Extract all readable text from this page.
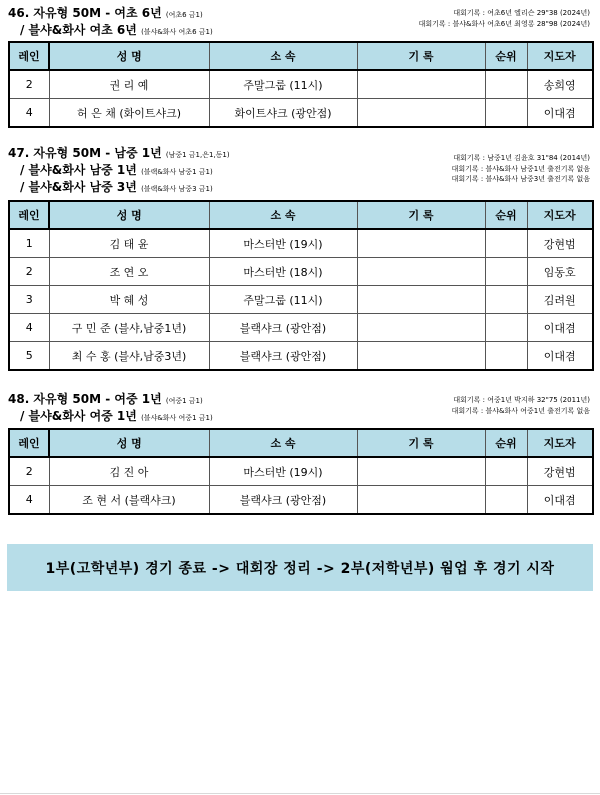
46. 자유형 50M - 여초 6년 (여초6 금1)
/ 블샤&화사 여초 6년 (블샤&화사 여초6 금1)
대회기록 : 여초6년 엘리슨 29"38 (2024년)
대회기록 : 블샤&화사 여초6년 최영롱 28"98 (2024년)
레인	성 명	소 속	기 록	순위	지도자
2	권 리 예	주말그룹 (11시)			송희영
4	허 은 채 (화이트샤크)	화이트샤크 (광안점)			이대겸
47. 자유형 50M - 남중 1년 (남중1 금1,은1,동1)
/ 블샤&화사 남중 1년 (블랙&화사 남중1 금1)
/ 블샤&화사 남중 3년 (블랙&화사 남중3 금1)
대회기록 : 남중1년 김윤호 31"84 (2014년)
대회기록 : 블샤&화사 남중1년 출전기록 없음
대회기록 : 블샤&화사 남중3년 출전기록 없음
레인	성 명	소 속	기 록	순위	지도자
1	김 태 윤	마스터반 (19시)			강현범
2	조 연 오	마스터반 (18시)			임동호
3	박 혜 성	주말그룹 (11시)			김려원
4	구 민 준 (블샤,남중1년)	블랙샤크 (광안점)			이대겸
5	최 수 홍 (블샤,남중3년)	블랙샤크 (광안점)			이대겸
48. 자유형 50M - 여중 1년 (여중1 금1)
/ 블샤&화사 여중 1년 (블샤&화사 여중1 금1)
대회기록 : 여중1년 박지하 32"75 (2011년)
대회기록 : 블샤&화사 여중1년 출전기록 없음
레인	성 명	소 속	기 록	순위	지도자
2	김 진 아	마스터반 (19시)			강현범
4	조 현 서 (블랙샤크)	블랙샤크 (광안점)			이대겸
1부(고학년부) 경기 종료 -> 대회장 정리 -> 2부(저학년부) 웜업 후 경기 시작
